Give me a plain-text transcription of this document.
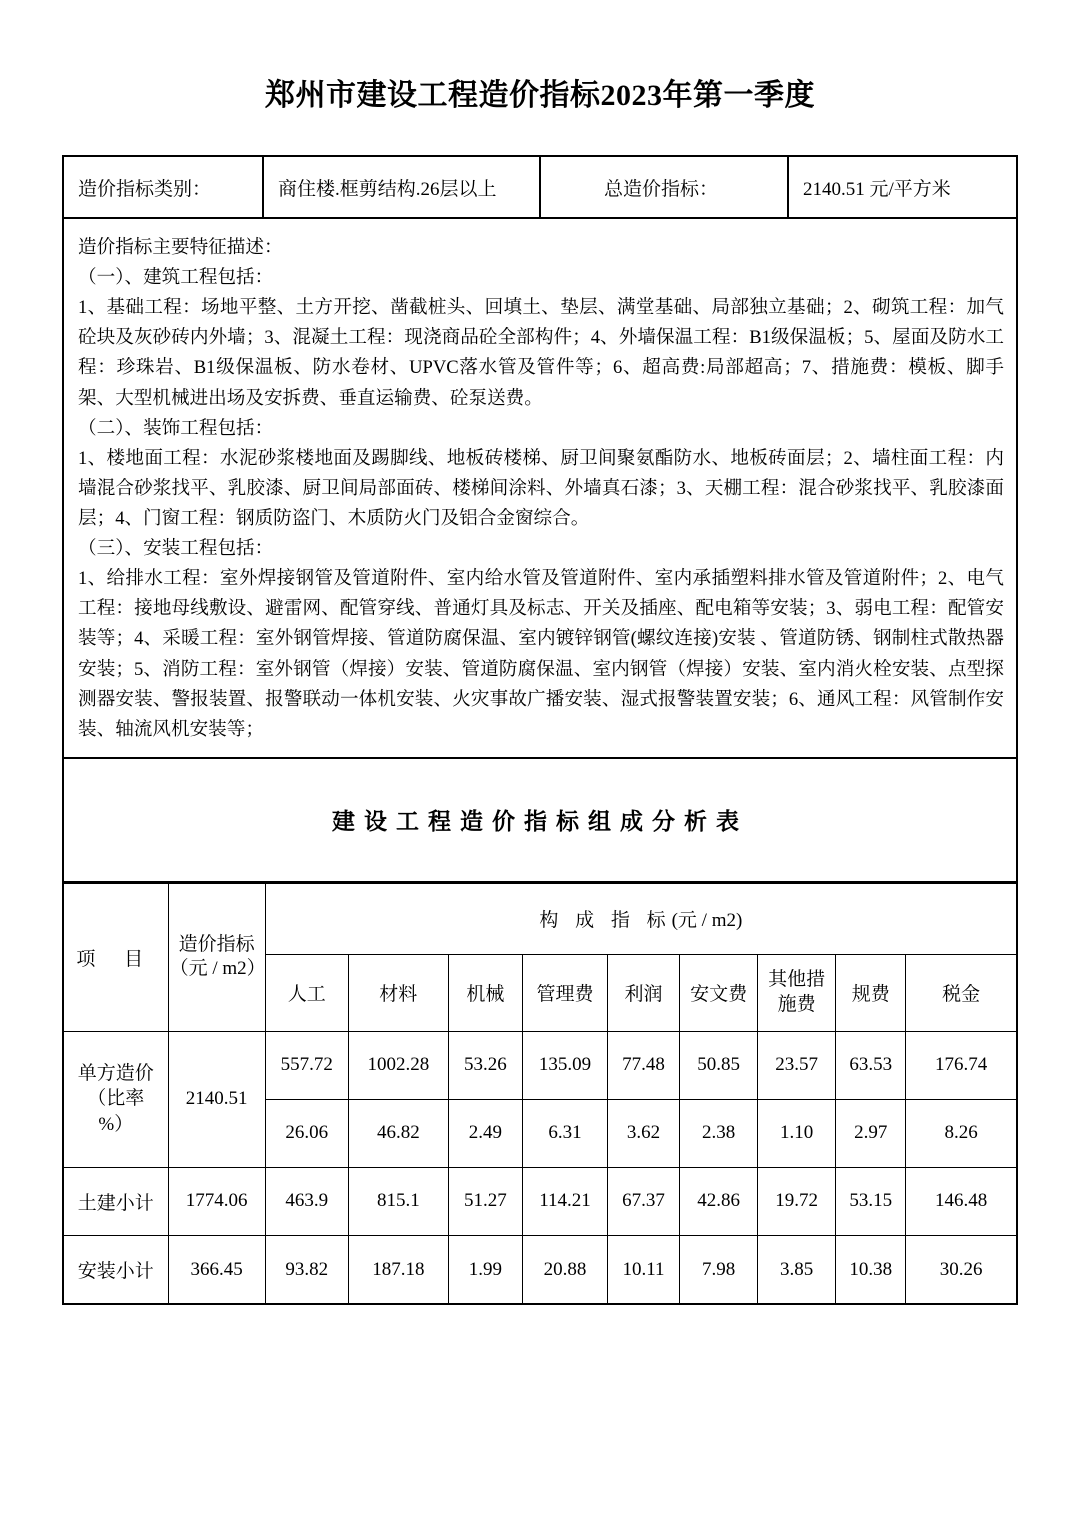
郑州市建设工程造价指标2023年第一季度
造价指标类别：	商住楼.框剪结构.26层以上	总造价指标：	2140.51 元/平方米

造价指标主要特征描述：

（一）、建筑工程包括：

1、基础工程：场地平整、土方开挖、凿截桩头、回填土、垫层、满堂基础、局部独立基础；2、砌筑工程：加气砼块及灰砂砖内外墙；3、混凝土工程：现浇商品砼全部构件；4、外墙保温工程：B1级保温板；5、屋面及防水工程：珍珠岩、B1级保温板、防水卷材、UPVC落水管及管件等；6、超高费:局部超高；7、措施费：模板、脚手架、大型机械进出场及安拆费、垂直运输费、砼泵送费。

（二）、装饰工程包括：

1、楼地面工程：水泥砂浆楼地面及踢脚线、地板砖楼梯、厨卫间聚氨酯防水、地板砖面层；2、墙柱面工程：内墙混合砂浆找平、乳胶漆、厨卫间局部面砖、楼梯间涂料、外墙真石漆；3、天棚工程：混合砂浆找平、乳胶漆面层；4、门窗工程：钢质防盗门、木质防火门及铝合金窗综合。

（三）、安装工程包括：

1、给排水工程：室外焊接钢管及管道附件、室内给水管及管道附件、室内承插塑料排水管及管道附件；2、电气工程：接地母线敷设、避雷网、配管穿线、普通灯具及标志、开关及插座、配电箱等安装；3、弱电工程：配管安装等；4、采暖工程：室外钢管焊接、管道防腐保温、室内镀锌钢管(螺纹连接)安装 、管道防锈、钢制柱式散热器安装；5、消防工程：室外钢管（焊接）安装、管道防腐保温、室内钢管（焊接）安装、室内消火栓安装、点型探测器安装、警报装置、报警联动一体机安装、火灾事故广播安装、湿式报警装置安装；6、通风工程：风管制作安装、轴流风机安装等；

建设工程造价指标组成分析表
项 目	造价指标
（元 / m2）	构 成 指 标(元 / m2)								
		人工	材料	机械	管理费	利润	安文费	其他措
施费	规费	税金
单方造价
（比率
%）	2140.51	557.72	1002.28	53.26	135.09	77.48	50.85	23.57	63.53	176.74
		26.06	46.82	2.49	6.31	3.62	2.38	1.10	2.97	8.26
土建小计	1774.06	463.9	815.1	51.27	114.21	67.37	42.86	19.72	53.15	146.48
安装小计	366.45	93.82	187.18	1.99	20.88	10.11	7.98	3.85	10.38	30.26
